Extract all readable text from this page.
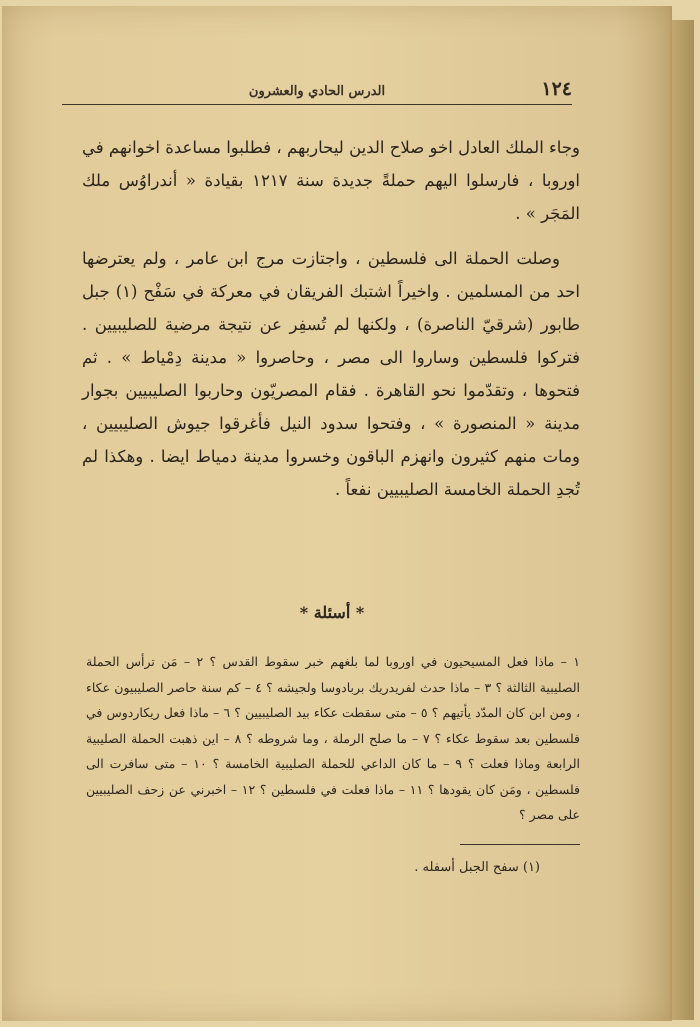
١٢٤
الدرس الحادي والعشرون

وجاء الملك العادل اخو صلاح الدين ليحاربهم ، فطلبوا مساعدة اخوانهم في اوروبا ، فارسلوا اليهم حملةً جديدة سنة ١٢١٧ بقيادة « أندراوُس ملك المَجَر » .

وصلت الحملة الى فلسطين ، واجتازت مرج ابن عامر ، ولم يعترضها احد من المسلمين . واخيراً اشتبك الفريقان في معركة في سَفْح (١) جبل طابور (شرقيّ الناصرة) ، ولكنها لم تُسفِر عن نتيجة مرضية للصليبيين . فتركوا فلسطين وساروا الى مصر ، وحاصروا « مدينة دِمْياط » . ثم فتحوها ، وتقدّموا نحو القاهرة . فقام المصريّون وحاربوا الصليبيين بجوار مدينة « المنصورة » ، وفتحوا سدود النيل فأغرقوا جيوش الصليبيين ، ومات منهم كثيرون وانهزم الباقون وخسروا مدينة دمياط ايضا . وهكذا لم تُجدِ الحملة الخامسة الصليبيين نفعاً .

* أسئلة *
١ – ماذا فعل المسيحيون في اوروبا لما بلغهم خبر سقوط القدس ؟ ٢ – مَن ترأس الحملة الصليبية الثالثة ؟ ٣ – ماذا حدث لفريدريك بربادوسا ولجيشه ؟ ٤ – كم سنة حاصر الصليبيون عكاء ، ومن ابن كان المدّد يأتيهم ؟ ٥ – متى سقطت عكاء بيد الصليبيين ؟ ٦ – ماذا فعل ريكاردوس في فلسطين بعد سقوط عكاء ؟ ٧ – ما صلح الرملة ، وما شروطه ؟ ٨ – اين ذهبت الحملة الصليبية الرابعة وماذا فعلت ؟ ٩ – ما كان الداعي للحملة الصليبية الخامسة ؟ ١٠ – متى سافرت الى فلسطين ، ومَن كان يقودها ؟ ١١ – ماذا فعلت في فلسطين ؟ ١٢ – اخبرني عن زحف الصليبيين على مصر ؟
(١) سفح الجبل أسفله .
